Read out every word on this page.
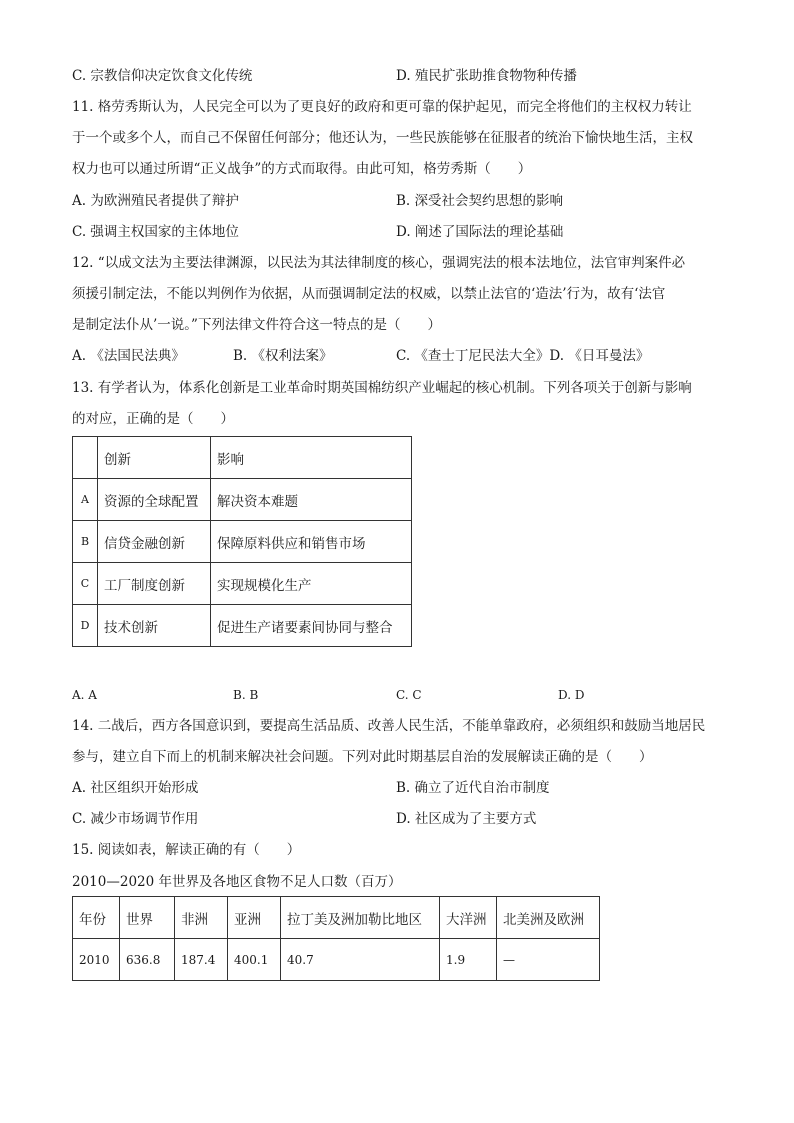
C. 宗教信仰决定饮食文化传统	D. 殖民扩张助推食物物种传播
11. 格劳秀斯认为，人民完全可以为了更良好的政府和更可靠的保护起见，而完全将他们的主权权力转让
于一个或多个人，而自己不保留任何部分；他还认为，一些民族能够在征服者的统治下愉快地生活，主权
权力也可以通过所谓“正义战争”的方式而取得。由此可知，格劳秀斯（　　）
A. 为欧洲殖民者提供了辩护	B. 深受社会契约思想的影响
C. 强调主权国家的主体地位	D. 阐述了国际法的理论基础
12. “以成文法为主要法律渊源，以民法为其法律制度的核心，强调宪法的根本法地位，法官审判案件必
须援引制定法，不能以判例作为依据，从而强调制定法的权威，以禁止法官的‘造法’行为，故有‘法官
是制定法仆从’一说。”下列法律文件符合这一特点的是（　　）
A. 《法国民法典》	B. 《权利法案》	C. 《查士丁尼民法大全》D. 《日耳曼法》
13. 有学者认为，体系化创新是工业革命时期英国棉纺织产业崛起的核心机制。下列各项关于创新与影响
的对应，正确的是（　　）
	创新	影响
A	资源的全球配置	解决资本难题
B	信贷金融创新	保障原料供应和销售市场
C	工厂制度创新	实现规模化生产
D	技术创新	促进生产诸要素间协同与整合
A. A	B. B	C. C	D. D
14. 二战后，西方各国意识到，要提高生活品质、改善人民生活，不能单靠政府，必须组织和鼓励当地居民
参与，建立自下而上的机制来解决社会问题。下列对此时期基层自治的发展解读正确的是（　　）
A. 社区组织开始形成	B. 确立了近代自治市制度
C. 减少市场调节作用	D. 社区成为了主要方式
15. 阅读如表，解读正确的有（　　）
2010—2020 年世界及各地区食物不足人口数（百万）
年份	世界	非洲	亚洲	拉丁美及洲加勒比地区	大洋洲	北美洲及欧洲
2010	636.8	187.4	400.1	40.7	1.9	—
